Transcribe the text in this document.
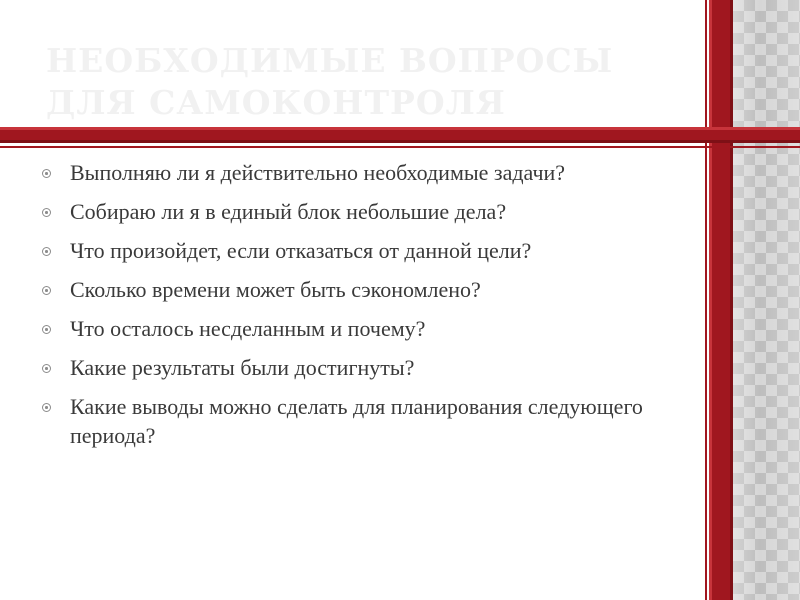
НЕОБХОДИМЫЕ ВОПРОСЫ
ДЛЯ САМОКОНТРОЛЯ
Выполняю ли я действительно необходимые задачи?
Собираю ли я в единый блок небольшие дела?
Что произойдет, если отказаться от данной цели?
Сколько времени может быть сэкономлено?
Что осталось несделанным и почему?
Какие результаты были достигнуты?
Какие выводы можно сделать для планирования следующего периода?
